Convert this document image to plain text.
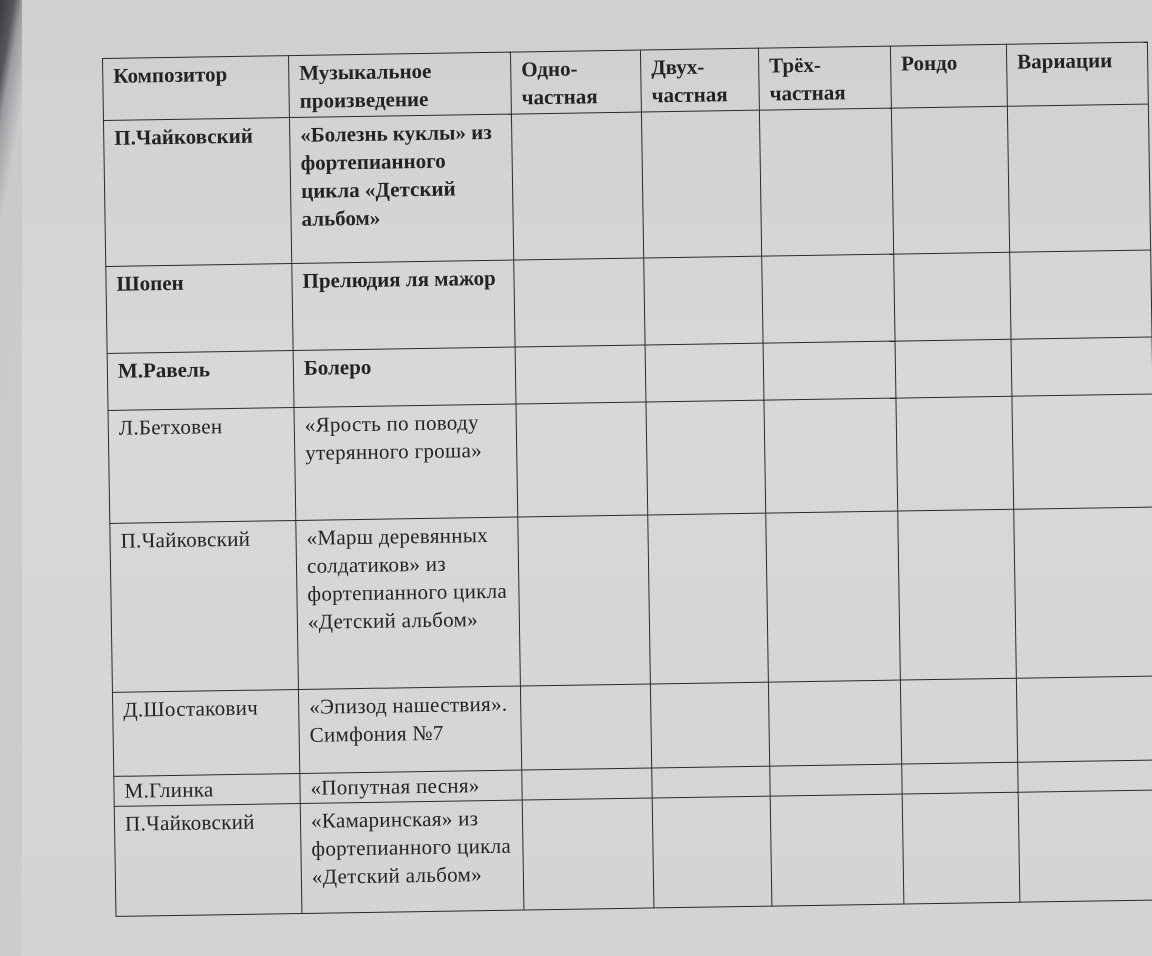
Композитор	Музыкальное произведение	Одно-частная	Двух-частная	Трёх-частная	Рондо	Вариации
П.Чайковский	«Болезнь куклы» из фортепианного цикла «Детский альбом»					
Шопен	Прелюдия ля мажор					
М.Равель	Болеро					
Л.Бетховен	«Ярость по поводу утерянного гроша»					
П.Чайковский	«Марш деревянных солдатиков» из фортепианного цикла «Детский альбом»					
Д.Шостакович	«Эпизод нашествия». Симфония №7					
М.Глинка	«Попутная песня»					
П.Чайковский	«Камаринская» из фортепианного цикла «Детский альбом»					
